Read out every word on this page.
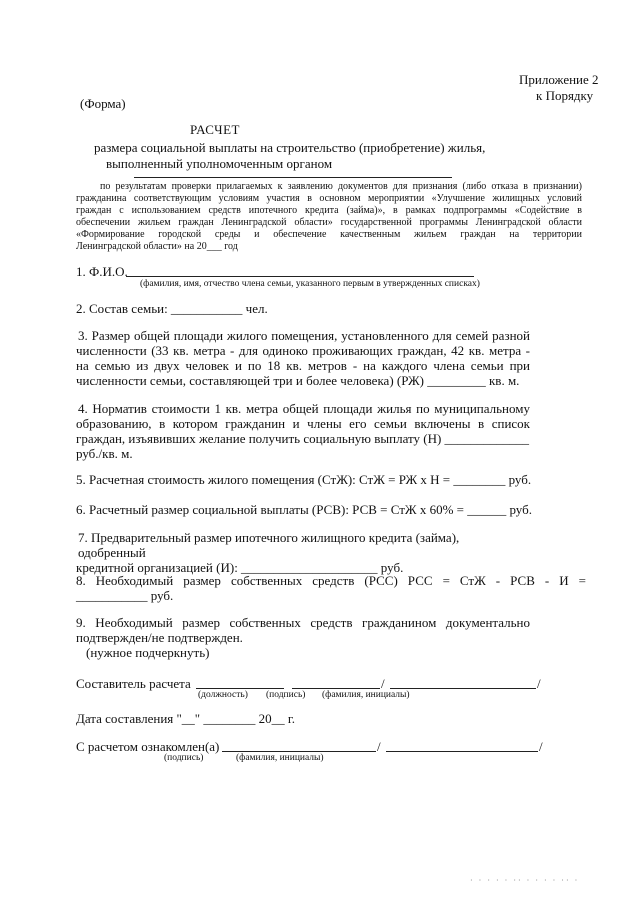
Приложение 2
к Порядку
(Форма)
РАСЧЕТ
размера социальной выплаты на строительство (приобретение) жилья,
выполненный уполномоченным органом
по результатам проверки прилагаемых к заявлению документов для признания (либо отказа в признании)
гражданина соответствующим условиям участия в основном мероприятии «Улучшение жилищных условий
граждан с использованием средств ипотечного кредита (займа)», в рамках подпрограммы «Содействие в
обеспечении жильем граждан Ленинградской области» государственной программы Ленинградской области
«Формирование городской среды и обеспечение качественным жильем граждан на территории
Ленинградской области» на 20___ год
1. Ф.И.О.
(фамилия, имя, отчество члена семьи, указанного первым в утвержденных списках)
2. Состав семьи: ___________ чел.
3. Размер общей площади жилого помещения, установленного для семей разной
численности (33 кв. метра - для одиноко проживающих граждан, 42 кв. метра -
на семью из двух человек и по 18 кв. метров - на каждого члена семьи при
численности семьи, составляющей три и более человека) (РЖ) _________ кв. м.
4. Норматив стоимости 1 кв. метра общей площади жилья по муниципальному
образованию, в котором гражданин и члены его семьи включены в список
граждан, изъявивших желание получить социальную выплату (Н) _____________
руб./кв. м.
5. Расчетная стоимость жилого помещения (СтЖ): СтЖ = РЖ х Н = ________ руб.
6. Расчетный размер социальной выплаты (РСВ): РСВ = СтЖ х 60% = ______ руб.
7. Предварительный размер ипотечного жилищного кредита (займа), одобренный
кредитной организацией (И): _____________________ руб.
8. Необходимый размер собственных средств (РСС) РСС = СтЖ - РСВ - И =
___________ руб.
9. Необходимый размер собственных средств гражданином документально
подтвержден/не подтвержден.
(нужное подчеркнуть)
Составитель расчета	/	/
(должность) (подпись) (фамилия, инициалы)
Дата составления "__" ________ 20__ г.
С расчетом ознакомлен(а)	/	/
(подпись)	(фамилия, инициалы)
· · · · · ·· · · · · ·· ·
